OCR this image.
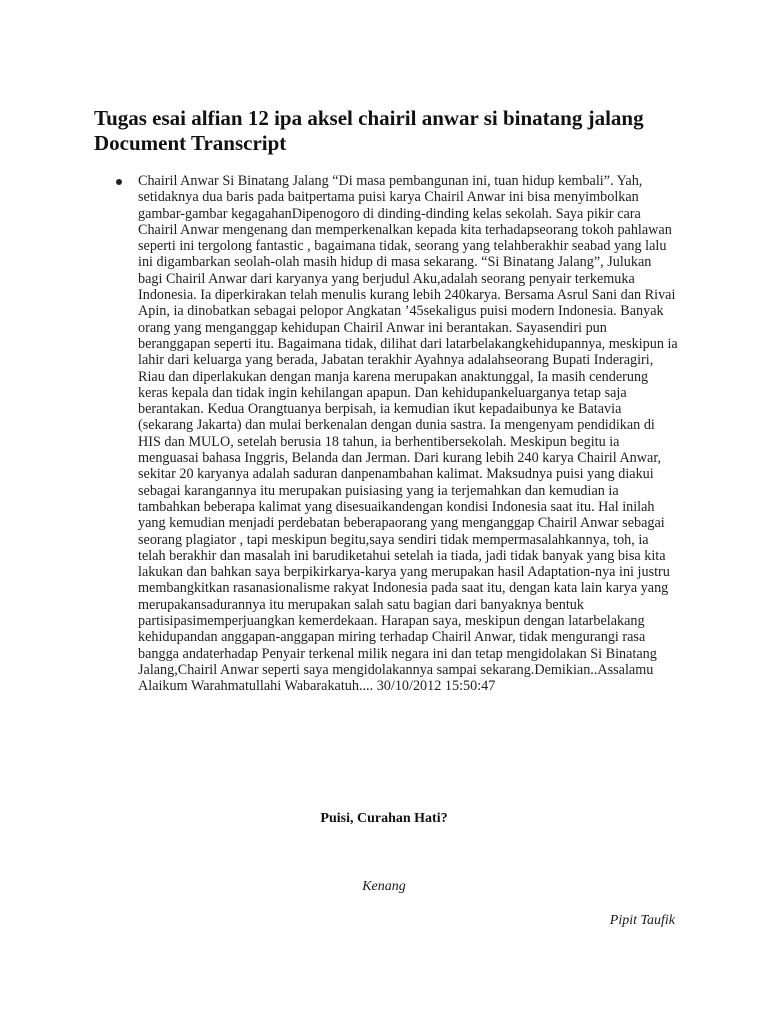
Tugas esai alfian 12 ipa aksel chairil anwar si binatang jalang Document Transcript
Chairil Anwar Si Binatang Jalang “Di masa pembangunan ini, tuan hidup kembali”. Yah, setidaknya dua baris pada baitpertama puisi karya Chairil Anwar ini bisa menyimbolkan gambar-gambar kegagahanDipenogoro di dinding-dinding kelas sekolah. Saya pikir cara Chairil Anwar mengenang dan memperkenalkan kepada kita terhadapseorang tokoh pahlawan seperti ini tergolong fantastic , bagaimana tidak, seorang yang telahberakhir seabad yang lalu ini digambarkan seolah-olah masih hidup di masa sekarang. “Si Binatang Jalang”, Julukan bagi Chairil Anwar dari karyanya yang berjudul Aku,adalah seorang penyair terkemuka Indonesia. Ia diperkirakan telah menulis kurang lebih 240karya. Bersama Asrul Sani dan Rivai Apin, ia dinobatkan sebagai pelopor Angkatan ’45sekaligus puisi modern Indonesia. Banyak orang yang menganggap kehidupan Chairil Anwar ini berantakan. Sayasendiri pun beranggapan seperti itu. Bagaimana tidak, dilihat dari latarbelakangkehidupannya, meskipun ia lahir dari keluarga yang berada, Jabatan terakhir Ayahnya adalahseorang Bupati Inderagiri, Riau dan diperlakukan dengan manja karena merupakan anaktunggal, Ia masih cenderung keras kepala dan tidak ingin kehilangan apapun. Dan kehidupankeluarganya tetap saja berantakan. Kedua Orangtuanya berpisah, ia kemudian ikut kepadaibunya ke Batavia (sekarang Jakarta) dan mulai berkenalan dengan dunia sastra. Ia mengenyam pendidikan di HIS dan MULO, setelah berusia 18 tahun, ia berhentibersekolah. Meskipun begitu ia menguasai bahasa Inggris, Belanda dan Jerman. Dari kurang lebih 240 karya Chairil Anwar, sekitar 20 karyanya adalah saduran danpenambahan kalimat. Maksudnya puisi yang diakui sebagai karangannya itu merupakan puisiasing yang ia terjemahkan dan kemudian ia tambahkan beberapa kalimat yang disesuaikandengan kondisi Indonesia saat itu. Hal inilah yang kemudian menjadi perdebatan beberapaorang yang menganggap Chairil Anwar sebagai seorang plagiator , tapi meskipun begitu,saya sendiri tidak mempermasalahkannya, toh, ia telah berakhir dan masalah ini barudiketahui setelah ia tiada, jadi tidak banyak yang bisa kita lakukan dan bahkan saya berpikirkarya-karya yang merupakan hasil Adaptation-nya ini justru membangkitkan rasanasionalisme rakyat Indonesia pada saat itu, dengan kata lain karya yang merupakansadurannya itu merupakan salah satu bagian dari banyaknya bentuk partisipasimemperjuangkan kemerdekaan. Harapan saya, meskipun dengan latarbelakang kehidupandan anggapan-anggapan miring terhadap Chairil Anwar, tidak mengurangi rasa bangga andaterhadap Penyair terkenal milik negara ini dan tetap mengidolakan Si Binatang Jalang,Chairil Anwar seperti saya mengidolakannya sampai sekarang.Demikian..Assalamu Alaikum Warahmatullahi Wabarakatuh.... 30/10/2012 15:50:47
Puisi, Curahan Hati?
Kenang
Pipit Taufik
